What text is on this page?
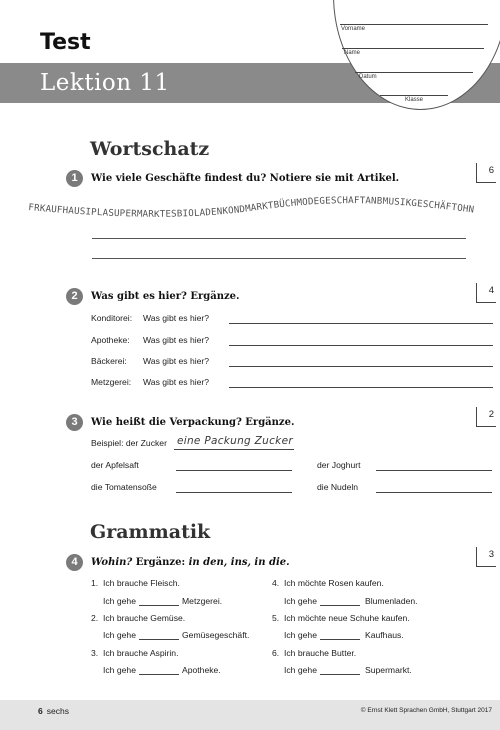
Test
Lektion 11
Vorname
Name
Datum
Klasse
Wortschatz
1	Wie viele Geschäfte findest du? Notiere sie mit Artikel.
6
FRKAUFHAUSIPLASUPERMARKTESBIOLADENKONDMARKTBÜCHMODEGESCHÄFTANBMUSIKGESCHÄFTOHN
2	Was gibt es hier? Ergänze.
4
Konditorei: Was gibt es hier?
Apotheke: Was gibt es hier?
Bäckerei: Was gibt es hier?
Metzgerei: Was gibt es hier?
3	Wie heißt die Verpackung? Ergänze.
2
Beispiel: der Zucker eine Packung Zucker
der Apfelsaft	der Joghurt
die Tomatensoße	die Nudeln
Grammatik
4	Wohin? Ergänze: in den, ins, in die.
3
1. Ich brauche Fleisch.
Ich gehe	Metzgerei.
2. Ich brauche Gemüse.
Ich gehe	Gemüsegeschäft.
3. Ich brauche Aspirin.
Ich gehe	Apotheke.
4. Ich möchte Rosen kaufen.
Ich gehe	Blumenladen.
5. Ich möchte neue Schuhe kaufen.
Ich gehe	Kaufhaus.
6. Ich brauche Butter.
Ich gehe	Supermarkt.
6 sechs	© Ernst Klett Sprachen GmbH, Stuttgart 2017
